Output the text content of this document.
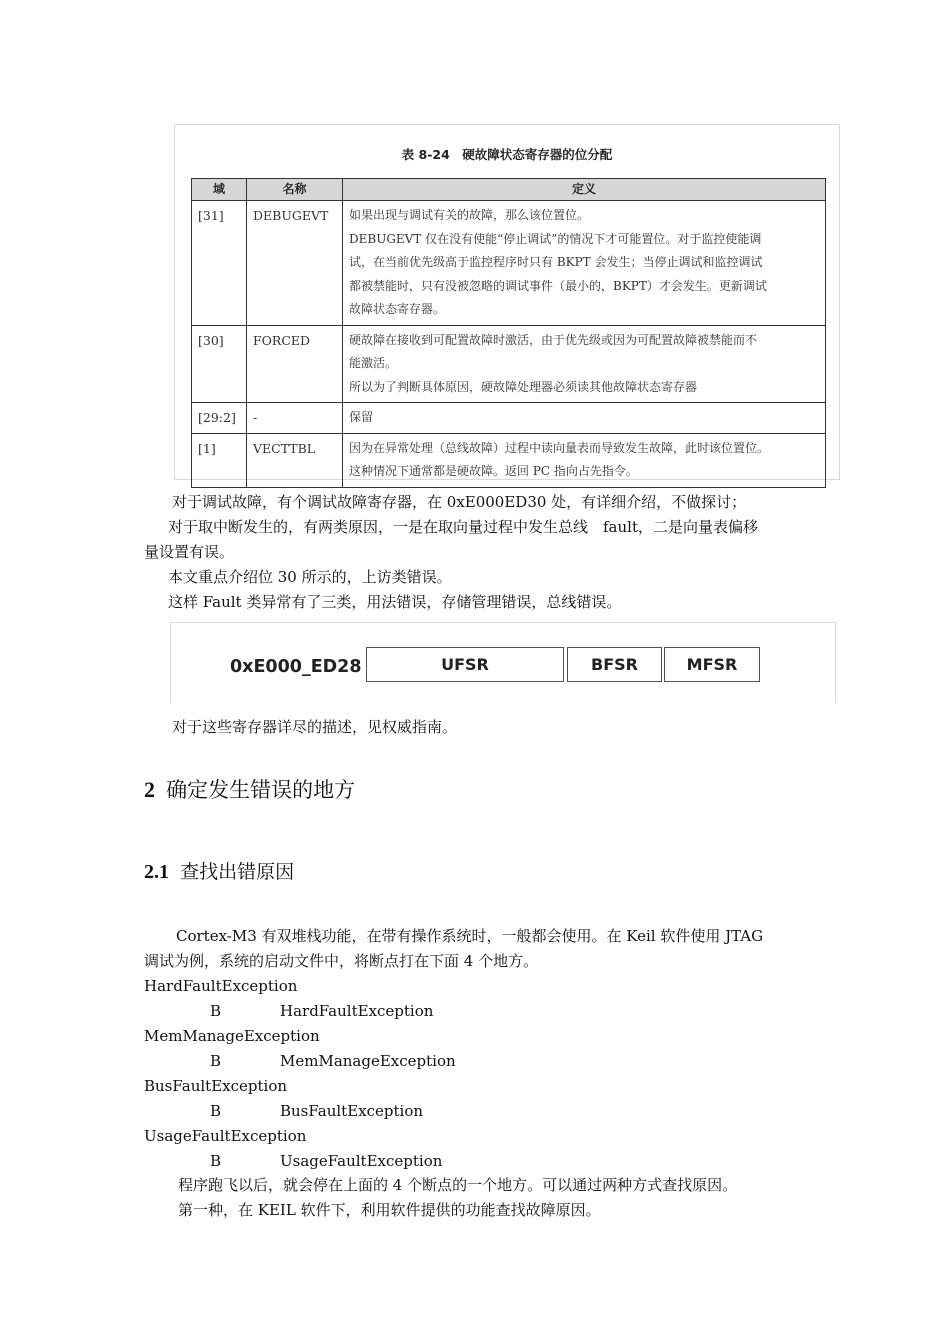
表 8-24　硬故障状态寄存器的位分配
域	名称	定义
[31]	DEBUGEVT	如果出现与调试有关的故障，那么该位置位。
DEBUGEVT 仅在没有使能“停止调试”的情况下才可能置位。对于监控使能调
试，在当前优先级高于监控程序时只有 BKPT 会发生；当停止调试和监控调试
都被禁能时，只有没被忽略的调试事件（最小的，BKPT）才会发生。更新调试
故障状态寄存器。

[30]	FORCED	硬故障在接收到可配置故障时激活，由于优先级或因为可配置故障被禁能而不
能激活。
所以为了判断具体原因，硬故障处理器必须读其他故障状态寄存器

[29:2]	-	保留

[1]	VECTTBL	因为在异常处理（总线故障）过程中读向量表而导致发生故障，此时该位置位。
这种情况下通常都是硬故障。返回 PC 指向占先指令。
对于调试故障，有个调试故障寄存器，在 0xE000ED30 处，有详细介绍，不做探讨；
对于取中断发生的，有两类原因，一是在取向量过程中发生总线　fault，二是向量表偏移
量设置有误。
本文重点介绍位 30 所示的，上访类错误。
这样 Fault 类异常有了三类，用法错误，存储管理错误，总线错误。
0xE000_ED28	UFSR	BFSR	MFSR
对于这些寄存器详尽的描述，见权威指南。
2 确定发生错误的地方
2.1 查找出错原因
Cortex-M3 有双堆栈功能，在带有操作系统时，一般都会使用。在 Keil 软件使用 JTAG
调试为例，系统的启动文件中，将断点打在下面 4 个地方。
HardFaultException
B	HardFaultException
MemManageException
B	MemManageException
BusFaultException
B	BusFaultException
UsageFaultException
B	UsageFaultException
程序跑飞以后，就会停在上面的 4 个断点的一个地方。可以通过两种方式查找原因。
第一种，在 KEIL 软件下，利用软件提供的功能查找故障原因。
